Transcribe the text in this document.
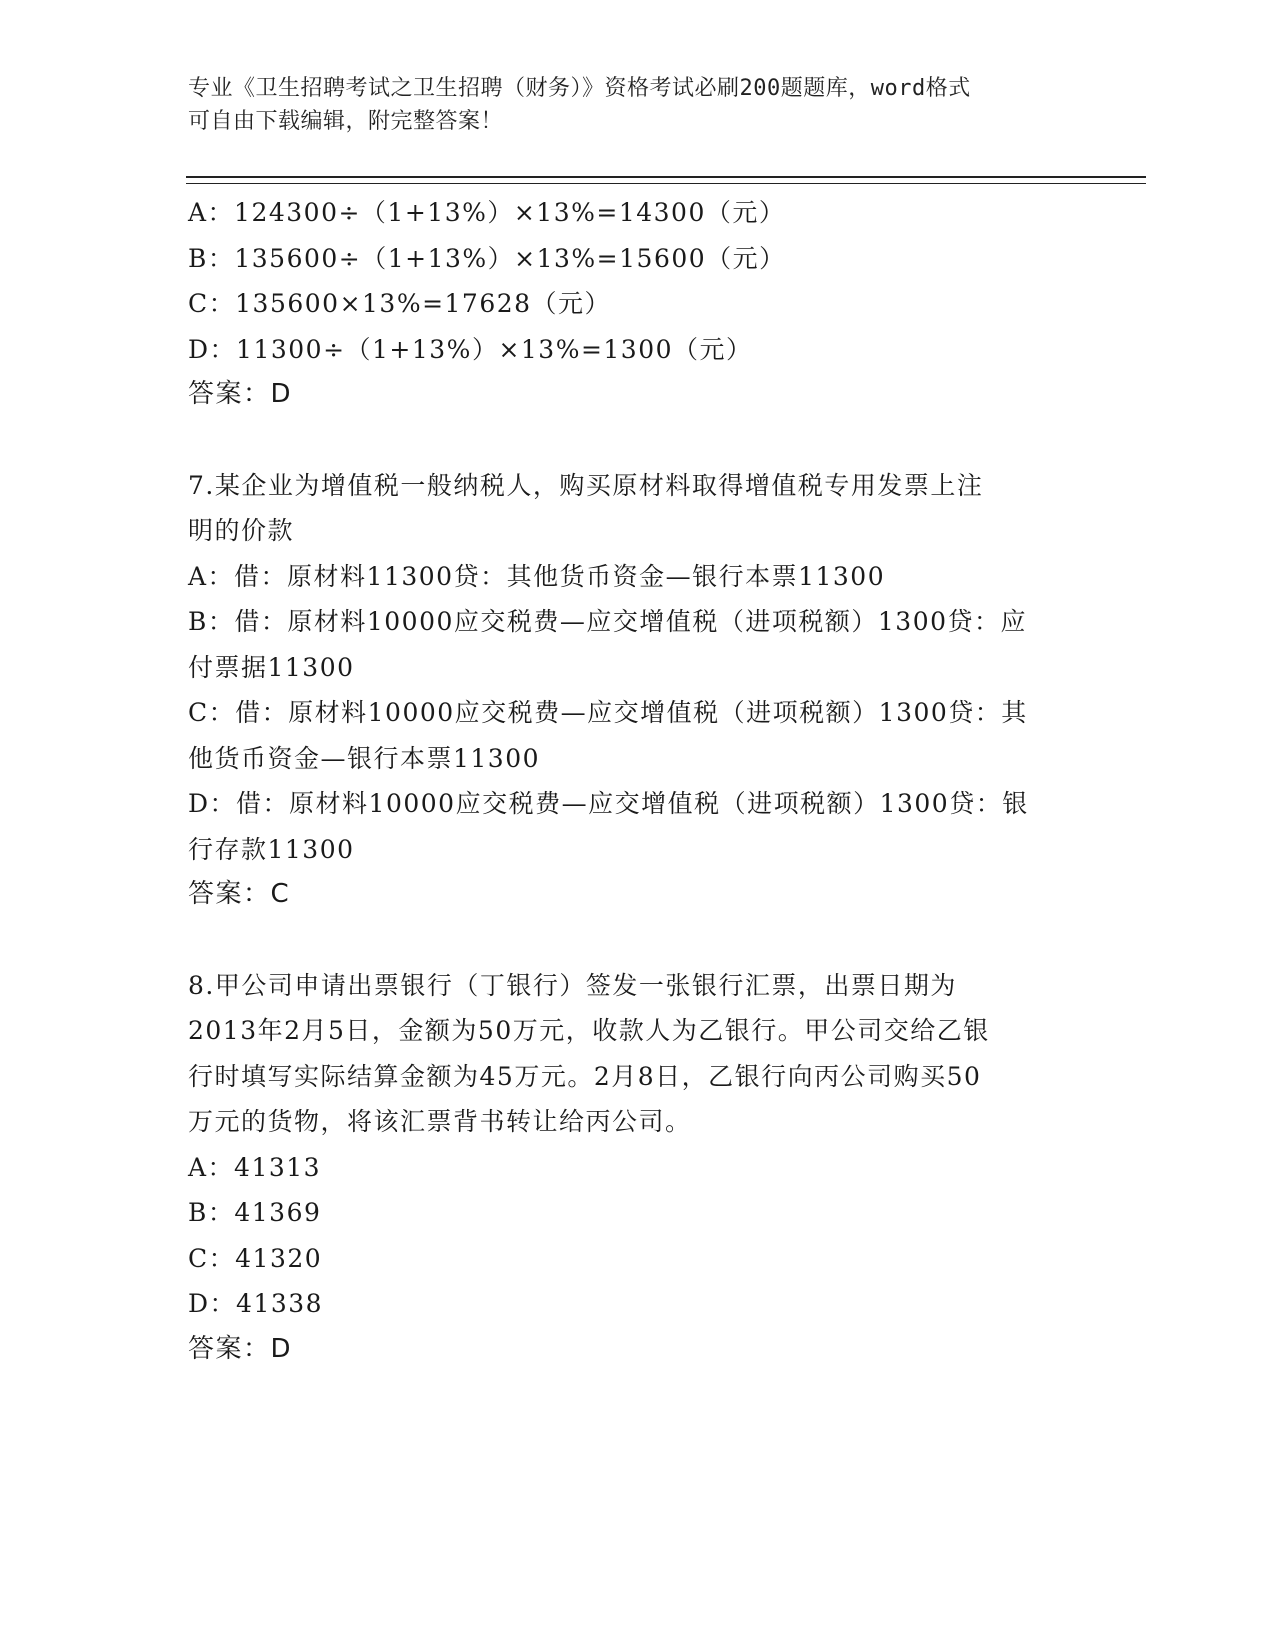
专业《卫生招聘考试之卫生招聘（财务）》资格考试必刷200题题库，word格式
可自由下载编辑，附完整答案！
A：124300÷（1+13%）×13%=14300（元）
B：135600÷（1+13%）×13%=15600（元）
C：135600×13%=17628（元）
D：11300÷（1+13%）×13%=1300（元）
答案：D
7.某企业为增值税一般纳税人，购买原材料取得增值税专用发票上注
明的价款
A：借：原材料11300贷：其他货币资金—银行本票11300
B：借：原材料10000应交税费—应交增值税（进项税额）1300贷：应
付票据11300
C：借：原材料10000应交税费—应交增值税（进项税额）1300贷：其
他货币资金—银行本票11300
D：借：原材料10000应交税费—应交增值税（进项税额）1300贷：银
行存款11300
答案：C
8.甲公司申请出票银行（丁银行）签发一张银行汇票，出票日期为
2013年2月5日，金额为50万元，收款人为乙银行。甲公司交给乙银
行时填写实际结算金额为45万元。2月8日，乙银行向丙公司购买50
万元的货物，将该汇票背书转让给丙公司。
A：41313
B：41369
C：41320
D：41338
答案：D
